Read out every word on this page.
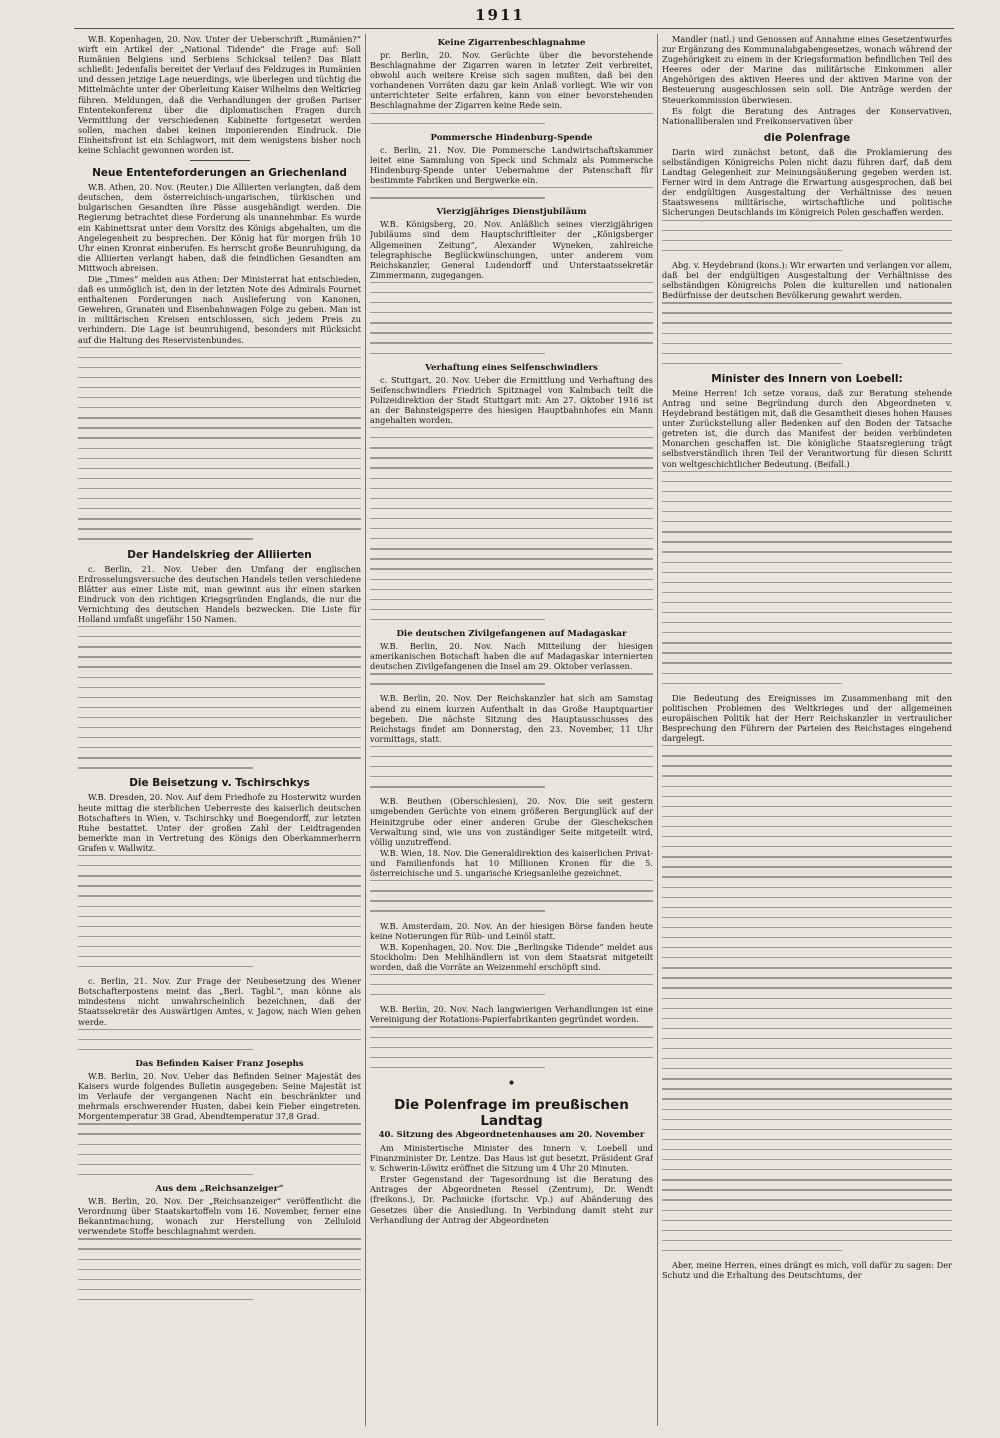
1911

W.B. Kopenhagen, 20. Nov. Unter der Ueberschrift „Rumänien?“ wirft ein Artikel der „National Tidende“ die Frage auf: Soll Rumänien Belgiens und Serbiens Schicksal teilen? Das Blatt schließt: Jedenfalls bereitet der Verlauf des Feldzuges in Rumänien und dessen jetzige Lage neuerdings, wie überlegen und tüchtig die Mittelmächte unter der Oberleitung Kaiser Wilhelms den Weltkrieg führen. Meldungen, daß die Verhandlungen der großen Pariser Ententekonferenz über die diplomatischen Fragen durch Vermittlung der verschiedenen Kabinette fortgesetzt werden sollen, machen dabei keinen imponierenden Eindruck. Die Einheitsfront ist ein Schlagwort, mit dem wenigstens bisher noch keine Schlacht gewonnen worden ist.

Neue Ententeforderungen an Griechenland

W.B. Athen, 20. Nov. (Reuter.) Die Alliierten verlangten, daß dem deutschen, dem österreichisch-ungarischen, türkischen und bulgarischen Gesandten ihre Pässe ausgehändigt werden. Die Regierung betrachtet diese Forderung als unannehmbar. Es wurde ein Kabinettsrat unter dem Vorsitz des Königs abgehalten, um die Angelegenheit zu besprechen. Der König hat für morgen früh 10 Uhr einen Kronrat einberufen. Es herrscht große Beunruhigung, da die Alliierten verlangt haben, daß die feindlichen Gesandten am Mittwoch abreisen.

Die „Times“ melden aus Athen: Der Ministerrat hat entschieden, daß es unmöglich ist, den in der letzten Note des Admirals Fournet enthaltenen Forderungen nach Auslieferung von Kanonen, Gewehren, Granaten und Eisenbahnwagen Folge zu geben. Man ist in militärischen Kreisen entschlossen, sich jedem Preis zu verhindern. Die Lage ist beunruhigend, besonders mit Rücksicht auf die Haltung des Reservistenbundes.

Der Handelskrieg der Alliierten

c. Berlin, 21. Nov. Ueber den Umfang der englischen Erdrosselungsversuche des deutschen Handels teilen verschiedene Blätter aus einer Liste mit, man gewinnt aus ihr einen starken Eindruck von den richtigen Kriegsgründen Englands, die nur die Vernichtung des deutschen Handels bezwecken. Die Liste für Holland umfaßt ungefähr 150 Namen.

Die Beisetzung v. Tschirschkys

W.B. Dresden, 20. Nov. Auf dem Friedhofe zu Hosterwitz wurden heute mittag die sterblichen Ueberreste des kaiserlich deutschen Botschafters in Wien, v. Tschirschky und Boegendorff, zur letzten Ruhe bestattet. Unter der großen Zahl der Leidtragenden bemerkte man in Vertretung des Königs den Oberkammerherrn Grafen v. Wallwitz.

c. Berlin, 21. Nov. Zur Frage der Neubesetzung des Wiener Botschafterpostens meint das „Berl. Tagbl.“, man könne als mindestens nicht unwahrscheinlich bezeichnen, daß der Staatssekretär des Auswärtigen Amtes, v. Jagow, nach Wien gehen werde.

Das Befinden Kaiser Franz Josephs

W.B. Berlin, 20. Nov. Ueber das Befinden Seiner Majestät des Kaisers wurde folgendes Bulletin ausgegeben: Seine Majestät ist im Verlaufe der vergangenen Nacht ein beschränkter und mehrmals erschwerender Husten, dabei kein Fieber eingetreten. Morgentemperatur 38 Grad, Abendtemperatur 37,8 Grad.

Aus dem „Reichsanzeiger“

W.B. Berlin, 20. Nov. Der „Reichsanzeiger“ veröffentlicht die Verordnung über Staatskartoffeln vom 16. November, ferner eine Bekanntmachung, wonach zur Herstellung von Zelluloid verwendete Stoffe beschlagnahmt werden.

Keine Zigarrenbeschlagnahme

pr. Berlin, 20. Nov. Gerüchte über die bevorstehende Beschlagnahme der Zigarren waren in letzter Zeit verbreitet, obwohl auch weitere Kreise sich sagen mußten, daß bei den vorhandenen Vorräten dazu gar kein Anlaß vorliegt. Wie wir von unterrichteter Seite erfahren, kann von einer bevorstehenden Beschlagnahme der Zigarren keine Rede sein.

Pommersche Hindenburg-Spende

c. Berlin, 21. Nov. Die Pommersche Landwirtschaftskammer leitet eine Sammlung von Speck und Schmalz als Pommersche Hindenburg-Spende unter Uebernahme der Patenschaft für bestimmte Fabriken und Bergwerke ein.

Vierzigjähriges Dienstjubiläum

W.B. Königsberg, 20. Nov. Anläßlich seines vierzigjährigen Jubiläums sind dem Hauptschriftleiter der „Königsberger Allgemeinen Zeitung“, Alexander Wyneken, zahlreiche telegraphische Beglückwünschungen, unter anderem vom Reichskanzler, General Ludendorff und Unterstaatssekretär Zimmermann, zugegangen.

Verhaftung eines Seifenschwindlers

c. Stuttgart, 20. Nov. Ueber die Ermittlung und Verhaftung des Seifenschwindlers Friedrich Spitznagel von Kalmbach teilt die Polizeidirektion der Stadt Stuttgart mit: Am 27. Oktober 1916 ist an der Bahnsteigsperre des hiesigen Hauptbahnhofes ein Mann angehalten worden.

Die deutschen Zivilgefangenen auf Madagaskar

W.B. Berlin, 20. Nov. Nach Mitteilung der hiesigen amerikanischen Botschaft haben die auf Madagaskar internierten deutschen Zivilgefangenen die Insel am 29. Oktober verlassen.

W.B. Berlin, 20. Nov. Der Reichskanzler hat sich am Samstag abend zu einem kurzen Aufenthalt in das Große Hauptquartier begeben. Die nächste Sitzung des Hauptausschusses des Reichstags findet am Donnerstag, den 23. November, 11 Uhr vormittags, statt.

W.B. Beuthen (Oberschlesien), 20. Nov. Die seit gestern umgebenden Gerüchte von einem größeren Bergunglück auf der Heinitzgrube oder einer anderen Grube der Gieschekschen Verwaltung sind, wie uns von zuständiger Seite mitgeteilt wird, völlig unzutreffend.

W.B. Wien, 18. Nov. Die Generaldirektion des kaiserlichen Privat- und Familienfonds hat 10 Millionen Kronen für die 5. österreichische und 5. ungarische Kriegsanleihe gezeichnet.

W.B. Amsterdam, 20. Nov. An der hiesigen Börse fanden heute keine Notierungen für Rüb- und Leinöl statt.

W.B. Kopenhagen, 20. Nov. Die „Berlingske Tidende“ meldet aus Stockholm: Den Mehlhändlern ist von dem Staatsrat mitgeteilt worden, daß die Vorräte an Weizenmehl erschöpft sind.

W.B. Berlin, 20. Nov. Nach langwierigen Verhandlungen ist eine Vereinigung der Rotations-Papierfabrikanten gegründet worden.

•
Die Polenfrage im preußischen Landtag
40. Sitzung des Abgeordnetenhauses am 20. November

Am Ministertische Minister des Innern v. Loebell und Finanzminister Dr. Lentze. Das Haus ist gut besetzt. Präsident Graf v. Schwerin-Löwitz eröffnet die Sitzung um 4 Uhr 20 Minuten.

Erster Gegenstand der Tagesordnung ist die Beratung des Antrages der Abgeordneten Ressel (Zentrum), Dr. Wendt (freikons.), Dr. Pachnicke (fortschr. Vp.) auf Abänderung des Gesetzes über die Ansiedlung. In Verbindung damit steht zur Verhandlung der Antrag der Abgeordneten

Mandler (natl.) und Genossen auf Annahme eines Gesetzentwurfes zur Ergänzung des Kommunalabgabengesetzes, wonach während der Zugehörigkeit zu einem in der Kriegsformation befindlichen Teil des Heeres oder der Marine das militärische Einkommen aller Angehörigen des aktiven Heeres und der aktiven Marine von der Besteuerung ausgeschlossen sein soll. Die Anträge werden der Steuerkommission überwiesen.

Es folgt die Beratung des Antrages der Konservativen, Nationalliberalen und Freikonservativen über

die Polenfrage

Darin wird zunächst betont, daß die Proklamierung des selbständigen Königreichs Polen nicht dazu führen darf, daß dem Landtag Gelegenheit zur Meinungsäußerung gegeben werden ist. Ferner wird in dem Antrage die Erwartung ausgesprochen, daß bei der endgültigen Ausgestaltung der Verhältnisse des neuen Staatswesens militärische, wirtschaftliche und politische Sicherungen Deutschlands im Königreich Polen geschaffen werden.

Abg. v. Heydebrand (kons.): Wir erwarten und verlangen vor allem, daß bei der endgültigen Ausgestaltung der Verhältnisse des selbständigen Königreichs Polen die kulturellen und nationalen Bedürfnisse der deutschen Bevölkerung gewahrt werden.

Minister des Innern von Loebell:

Meine Herren! Ich setze voraus, daß zur Beratung stehende Antrag und seine Begründung durch den Abgeordneten v. Heydebrand bestätigen mit, daß die Gesamtheit dieses hohen Hauses unter Zurückstellung aller Bedenken auf den Boden der Tatsache getreten ist, die durch das Manifest der beiden verbündeten Monarchen geschaffen ist. Die königliche Staatsregierung trägt selbstverständlich ihren Teil der Verantwortung für diesen Schritt von weltgeschichtlicher Bedeutung. (Beifall.)

Die Bedeutung des Ereignisses im Zusammenhang mit den politischen Problemen des Weltkrieges und der allgemeinen europäischen Politik hat der Herr Reichskanzler in vertraulicher Besprechung den Führern der Parteien des Reichstages eingehend dargelegt.

Aber, meine Herren, eines drängt es mich, voll dafür zu sagen: Der Schutz und die Erhaltung des Deutschtums, der
